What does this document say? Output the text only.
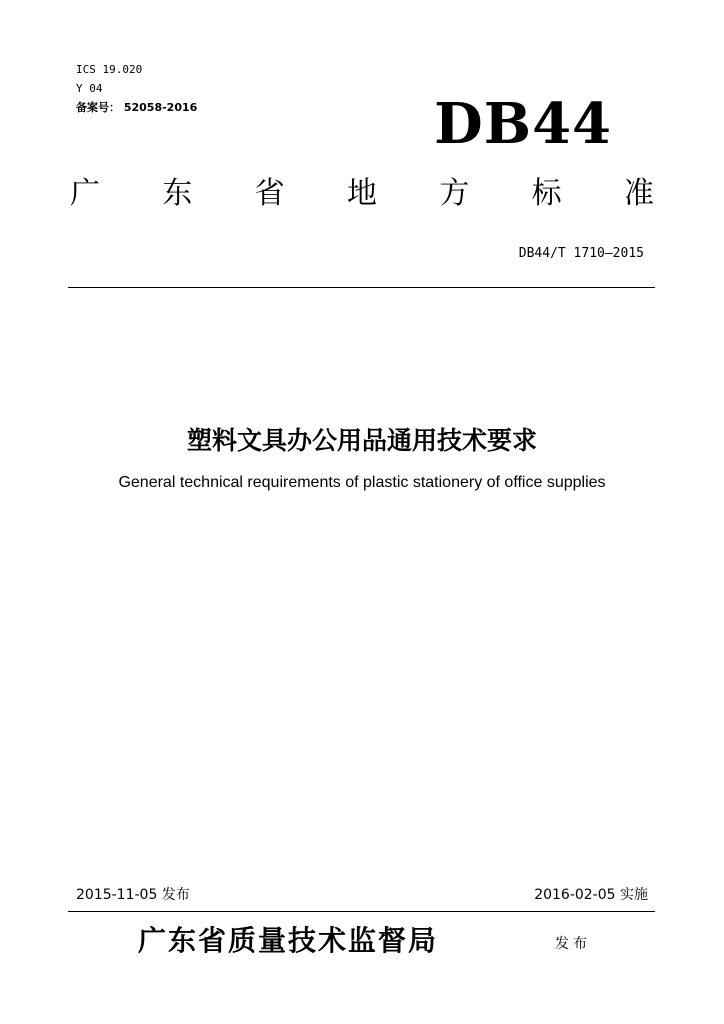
ICS 19.020
Y 04
备案号： 52058-2016	DB44
广 东 省 地 方 标 准
DB44/T 1710—2015
塑料文具办公用品通用技术要求
General technical requirements of plastic stationery of office supplies
2015-11-05 发布	2016-02-05 实施
广东省质量技术监督局	发布
